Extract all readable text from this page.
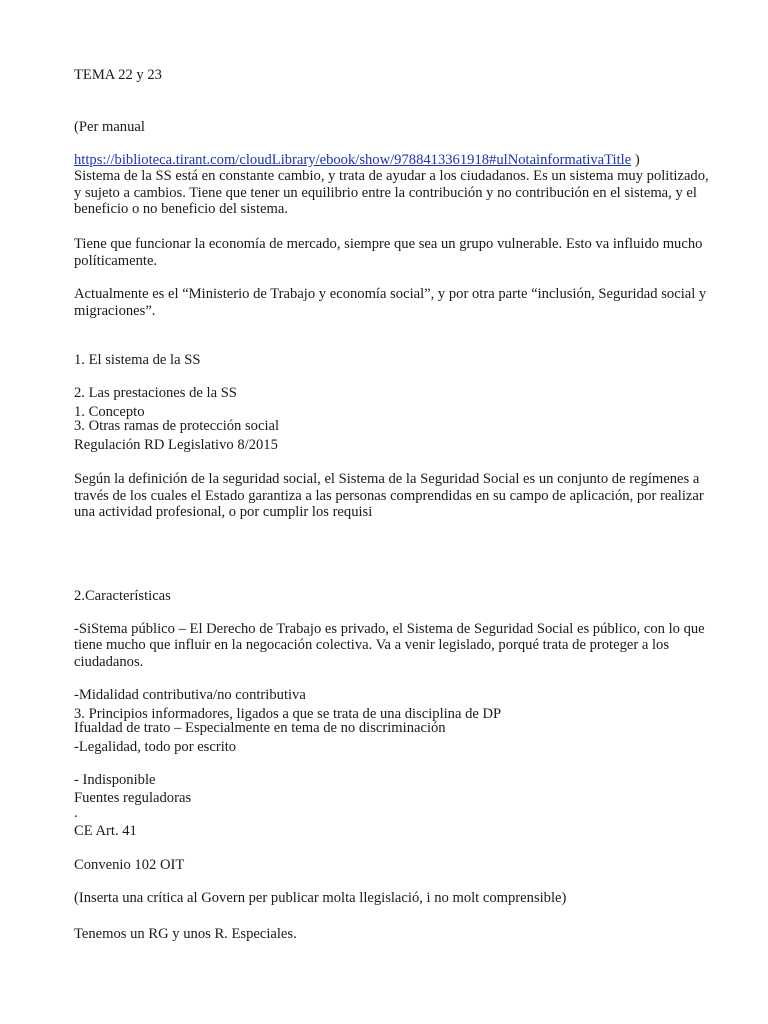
TEMA 22 y 23

(Per manual

https://biblioteca.tirant.com/cloudLibrary/ebook/show/9788413361918#ulNotainformativaTitle )

Sistema de la SS está en constante cambio, y trata de ayudar a los ciudadanos. Es un sistema muy politizado, y sujeto a cambios. Tiene que tener un equilibrio entre la contribución y no contribución en el sistema, y el beneficio o no beneficio del sistema.
Tiene que funcionar la economía de mercado, siempre que sea un grupo vulnerable. Esto va influido mucho políticamente.
Actualmente es el “Ministerio de Trabajo y economía social”, y por otra parte “inclusión, Seguridad social y migraciones”.

1. El sistema de la SS

2. Las prestaciones de la SS

3. Otras ramas de protección social

1. Concepto
Regulación RD Legislativo 8/2015
Según la definición de la seguridad social, el Sistema de la Seguridad Social es un conjunto de regímenes a través de los cuales el Estado garantiza a las personas comprendidas en su campo de aplicación, por realizar una actividad profesional, o por cumplir los requisi

2.Características

-SiStema público – El Derecho de Trabajo es privado, el Sistema de Seguridad Social es público, con lo que tiene mucho que influir en la negocación colectiva. Va a venir legislado, porqué trata de proteger a los ciudadanos.

-Midalidad contributiva/no contributiva

Ifualdad de trato – Especialmente en tema de no discriminación

3. Principios informadores, ligados a que se trata de una disciplina de DP

-Legalidad, todo por escrito

- Indisponible

.

Fuentes reguladoras
CE Art. 41
Convenio 102 OIT
(Inserta una crítica al Govern per publicar molta llegislació, i no molt comprensible)
Tenemos un RG y unos R. Especiales.
